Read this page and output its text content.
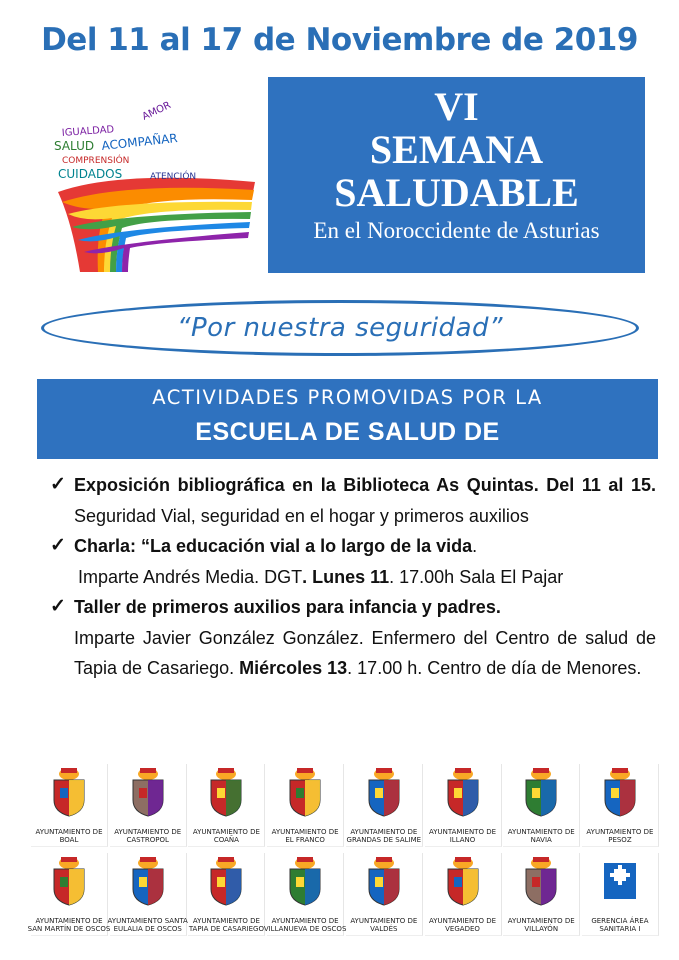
Del 11 al 17 de Noviembre de 2019
IGUALDAD
AMOR
SALUD ACOMPAÑAR
COMPRENSIÓN
CUIDADOS	ATENCIÓN
VI
SEMANA
SALUDABLE
En el Noroccidente de Asturias
“Por nuestra seguridad”
ACTIVIDADES PROMOVIDAS POR LA
ESCUELA DE SALUD DE
✓ Exposición bibliográfica en la Biblioteca As Quintas. Del 11 al 15. Seguridad Vial, seguridad en el hogar y primeros auxilios
✓ Charla: “La educación vial a lo largo de la vida.
Imparte Andrés Media. DGT. Lunes 11. 17.00h Sala El Pajar
✓ Taller de primeros auxilios para infancia y padres.
Imparte Javier González González. Enfermero del Centro de salud de Tapia de Casariego. Miércoles 13. 17.00 h. Centro de día de Menores.
AYUNTAMIENTO DE
BOAL
AYUNTAMIENTO DE
CASTROPOL
AYUNTAMIENTO DE
COAÑA
AYUNTAMIENTO DE
EL FRANCO
AYUNTAMIENTO DE
GRANDAS DE SALIME
AYUNTAMIENTO DE
ILLANO
AYUNTAMIENTO DE
NAVIA
AYUNTAMIENTO DE
PESOZ
AYUNTAMIENTO DE
SAN MARTÍN DE OSCOS
AYUNTAMIENTO SANTA
EULALIA DE OSCOS
AYUNTAMIENTO DE
TAPIA DE CASARIEGO
AYUNTAMIENTO DE
VILLANUEVA DE OSCOS
AYUNTAMIENTO DE
VALDÉS
AYUNTAMIENTO DE
VEGADEO
AYUNTAMIENTO DE
VILLAYÓN
GERENCIA ÁREA
SANITARIA I
